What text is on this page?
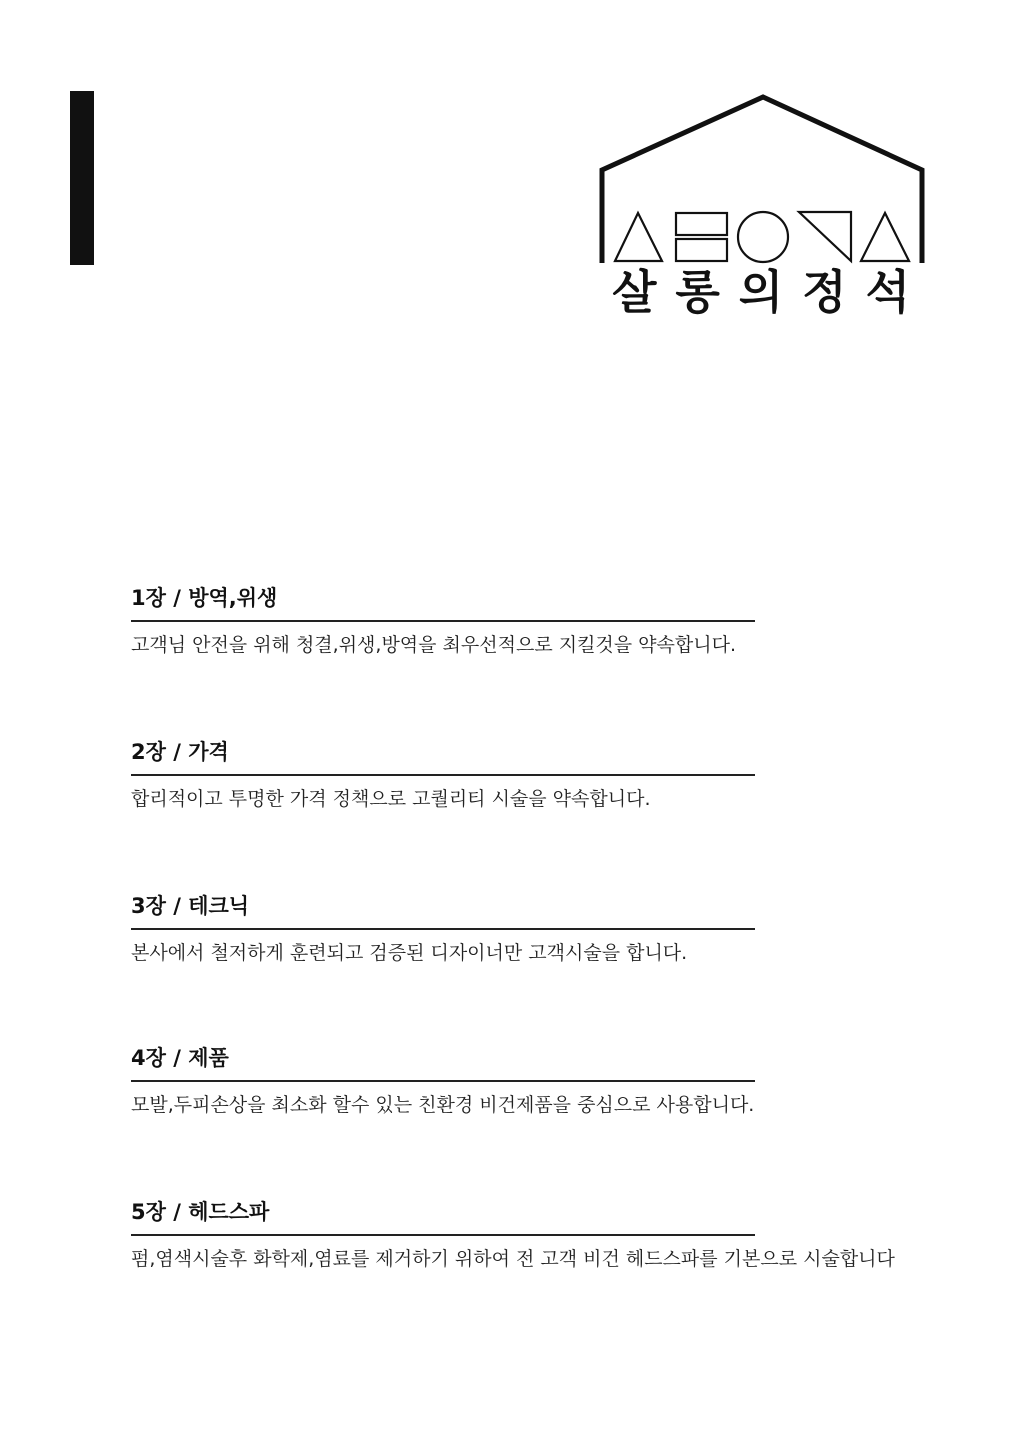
살 롱 의 정 석
1장 / 방역,위생
고객님 안전을 위해 청결,위생,방역을 최우선적으로 지킬것을 약속합니다.
2장 / 가격
합리적이고 투명한 가격 정책으로 고퀄리티 시술을 약속합니다.
3장 / 테크닉
본사에서 철저하게 훈련되고 검증된 디자이너만 고객시술을 합니다.
4장 / 제품
모발,두피손상을 최소화 할수 있는 친환경 비건제품을 중심으로 사용합니다.
5장 / 헤드스파
펌,염색시술후 화학제,염료를 제거하기 위하여 전 고객 비건 헤드스파를 기본으로 시술합니다
